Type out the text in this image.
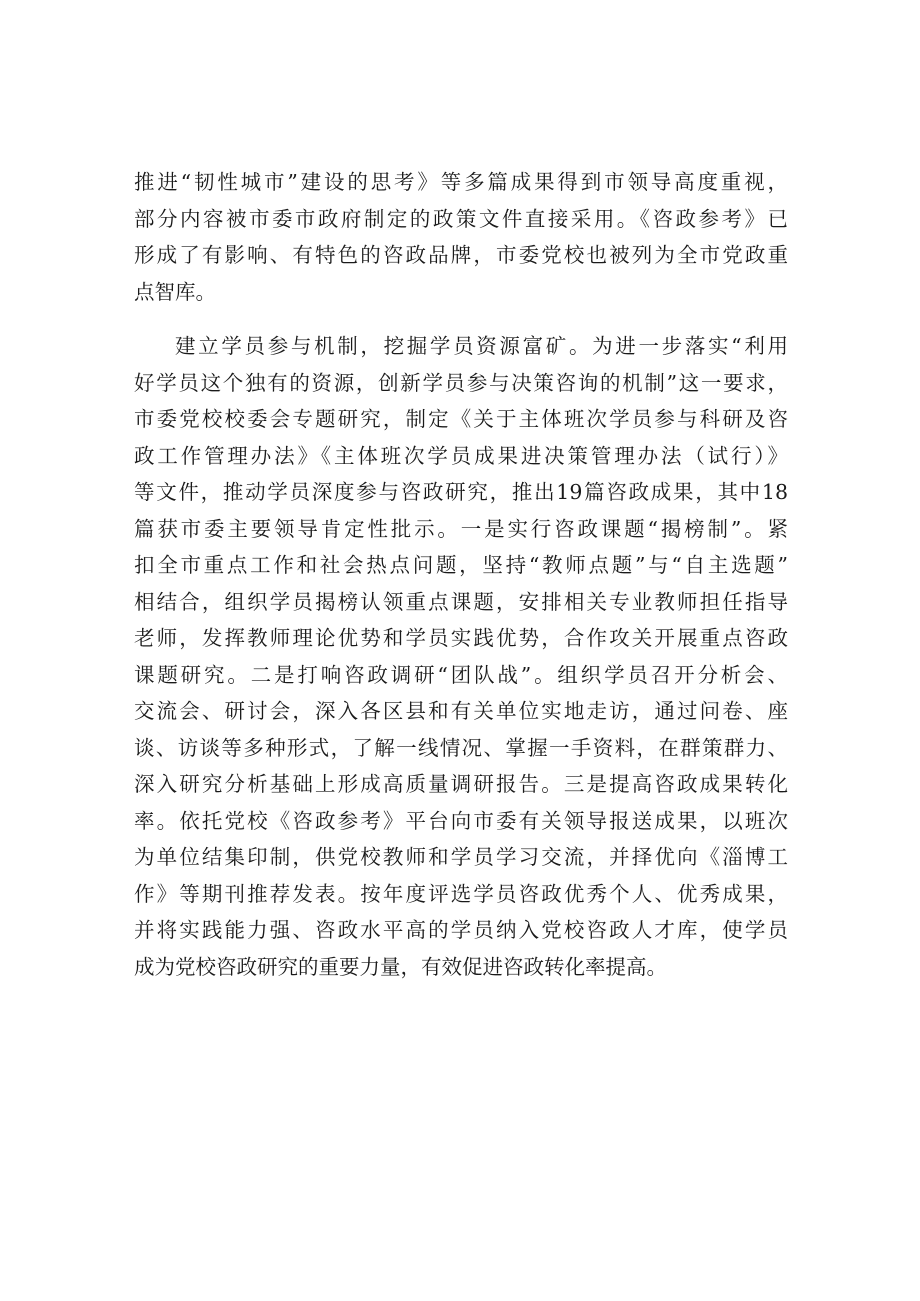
推进“韧性城市”建设的思考》等多篇成果得到市领导高度重视，
部分内容被市委市政府制定的政策文件直接采用。《咨政参考》已
形成了有影响、有特色的咨政品牌，市委党校也被列为全市党政重
点智库。
建立学员参与机制，挖掘学员资源富矿。为进一步落实“利用
好学员这个独有的资源，创新学员参与决策咨询的机制”这一要求，
市委党校校委会专题研究，制定《关于主体班次学员参与科研及咨
政工作管理办法》《主体班次学员成果进决策管理办法（试行）》
等文件，推动学员深度参与咨政研究，推出19篇咨政成果，其中18
篇获市委主要领导肯定性批示。一是实行咨政课题“揭榜制”。紧
扣全市重点工作和社会热点问题，坚持“教师点题”与“自主选题”
相结合，组织学员揭榜认领重点课题，安排相关专业教师担任指导
老师，发挥教师理论优势和学员实践优势，合作攻关开展重点咨政
课题研究。二是打响咨政调研“团队战”。组织学员召开分析会、
交流会、研讨会，深入各区县和有关单位实地走访，通过问卷、座
谈、访谈等多种形式，了解一线情况、掌握一手资料，在群策群力、
深入研究分析基础上形成高质量调研报告。三是提高咨政成果转化
率。依托党校《咨政参考》平台向市委有关领导报送成果，以班次
为单位结集印制，供党校教师和学员学习交流，并择优向《淄博工
作》等期刊推荐发表。按年度评选学员咨政优秀个人、优秀成果，
并将实践能力强、咨政水平高的学员纳入党校咨政人才库，使学员
成为党校咨政研究的重要力量，有效促进咨政转化率提高。
